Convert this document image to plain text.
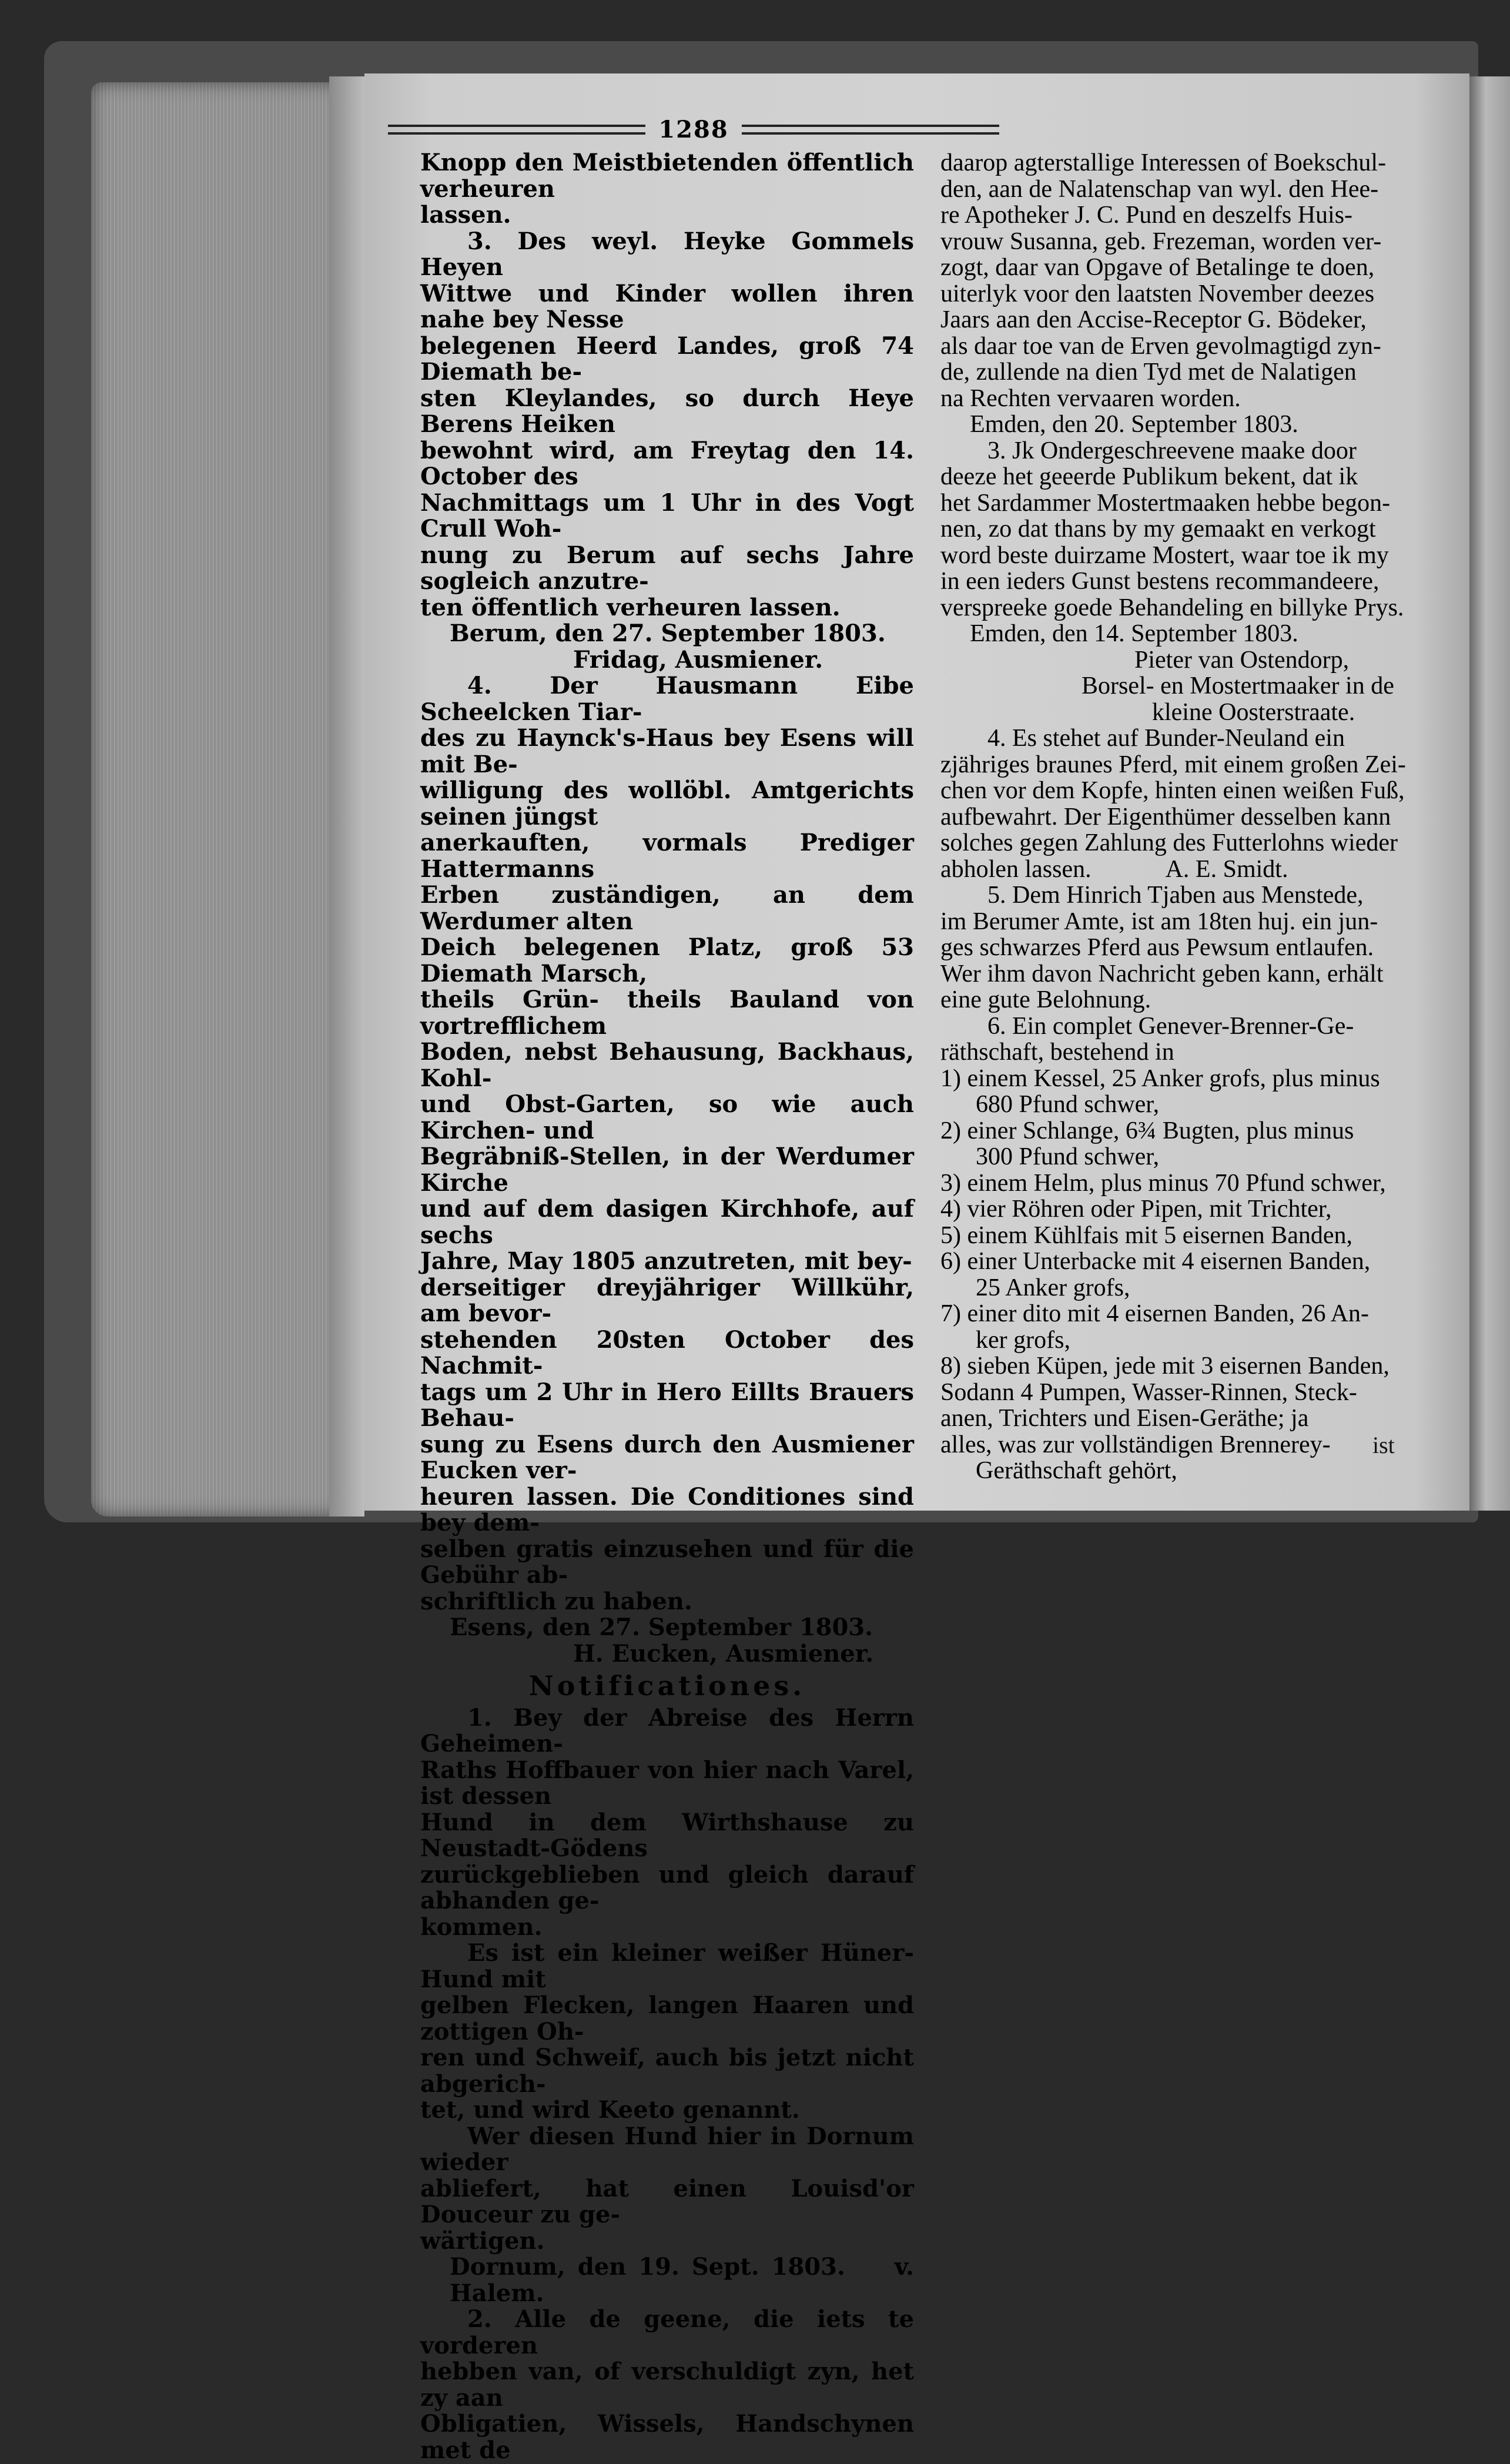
1288

Knopp den Meistbietenden öffentlich verheuren

lassen.

3. Des weyl. Heyke Gommels Heyen

Wittwe und Kinder wollen ihren nahe bey Nesse

belegenen Heerd Landes, groß 74 Diemath be-

sten Kleylandes, so durch Heye Berens Heiken

bewohnt wird, am Freytag den 14. October des

Nachmittags um 1 Uhr in des Vogt Crull Woh-

nung zu Berum auf sechs Jahre sogleich anzutre-

ten öffentlich verheuren lassen.

Berum, den 27. September 1803.

Fridag, Ausmiener.

4. Der Hausmann Eibe Scheelcken Tiar-

des zu Haynck's-Haus bey Esens will mit Be-

willigung des wollöbl. Amtgerichts seinen jüngst

anerkauften, vormals Prediger Hattermanns

Erben zuständigen, an dem Werdumer alten

Deich belegenen Platz, groß 53 Diemath Marsch,

theils Grün- theils Bauland von vortrefflichem

Boden, nebst Behausung, Backhaus, Kohl-

und Obst-Garten, so wie auch Kirchen- und

Begräbniß-Stellen, in der Werdumer Kirche

und auf dem dasigen Kirchhofe, auf sechs

Jahre, May 1805 anzutreten, mit bey-

derseitiger dreyjähriger Willkühr, am bevor-

stehenden 20sten October des Nachmit-

tags um 2 Uhr in Hero Eillts Brauers Behau-

sung zu Esens durch den Ausmiener Eucken ver-

heuren lassen. Die Conditiones sind bey dem-

selben gratis einzusehen und für die Gebühr ab-

schriftlich zu haben.

Esens, den 27. September 1803.

H. Eucken, Ausmiener.

Notificationes.

1. Bey der Abreise des Herrn Geheimen-

Raths Hoffbauer von hier nach Varel, ist dessen

Hund in dem Wirthshause zu Neustadt-Gödens

zurückgeblieben und gleich darauf abhanden ge-

kommen.

Es ist ein kleiner weißer Hüner-Hund mit

gelben Flecken, langen Haaren und zottigen Oh-

ren und Schweif, auch bis jetzt nicht abgerich-

tet, und wird Keeto genannt.

Wer diesen Hund hier in Dornum wieder

abliefert, hat einen Louisd'or Douceur zu ge-

wärtigen.

Dornum, den 19. Sept. 1803. v. Halem.

2. Alle de geene, die iets te vorderen

hebben van, of verschuldigt zyn, het zy aan

Obligatien, Wissels, Handschynen met de

daarop agterstallige Interessen of Boekschul-

den, aan de Nalatenschap van wyl. den Hee-

re Apotheker J. C. Pund en deszelfs Huis-

vrouw Susanna, geb. Frezeman, worden ver-

zogt, daar van Opgave of Betalinge te doen,

uiterlyk voor den laatsten November deezes

Jaars aan den Accise-Receptor G. Bödeker,

als daar toe van de Erven gevolmagtigd zyn-

de, zullende na dien Tyd met de Nalatigen

na Rechten vervaaren worden.

Emden, den 20. September 1803.

3. Jk Ondergeschreevene maake door

deeze het geeerde Publikum bekent, dat ik

het Sardammer Mostertmaaken hebbe begon-

nen, zo dat thans by my gemaakt en verkogt

word beste duirzame Mostert, waar toe ik my

in een ieders Gunst bestens recommandeere,

verspreeke goede Behandeling en billyke Prys.

Emden, den 14. September 1803.

Pieter van Ostendorp,

Borsel- en Mostertmaaker in de

kleine Oosterstraate.

4. Es stehet auf Bunder-Neuland ein

zjähriges braunes Pferd, mit einem großen Zei-

chen vor dem Kopfe, hinten einen weißen Fuß,

aufbewahrt. Der Eigenthümer desselben kann

solches gegen Zahlung des Futterlohns wieder

abholen lassen.	A. E. Smidt.

5. Dem Hinrich Tjaben aus Menstede,

im Berumer Amte, ist am 18ten huj. ein jun-

ges schwarzes Pferd aus Pewsum entlaufen.

Wer ihm davon Nachricht geben kann, erhält

eine gute Belohnung.

6. Ein complet Genever-Brenner-Ge-

räthschaft, bestehend in

1) einem Kessel, 25 Anker grofs, plus minus

680 Pfund schwer,

2) einer Schlange, 6¾ Bugten, plus minus

300 Pfund schwer,

3) einem Helm, plus minus 70 Pfund schwer,

4) vier Röhren oder Pipen, mit Trichter,

5) einem Kühlfais mit 5 eisernen Banden,

6) einer Unterbacke mit 4 eisernen Banden,

25 Anker grofs,

7) einer dito mit 4 eisernen Banden, 26 An-

ker grofs,

8) sieben Küpen, jede mit 3 eisernen Banden,

Sodann 4 Pumpen, Wasser-Rinnen, Steck-

anen, Trichters und Eisen-Geräthe; ja

alles, was zur vollständigen Brennerey-

Geräthschaft gehört,

ist
